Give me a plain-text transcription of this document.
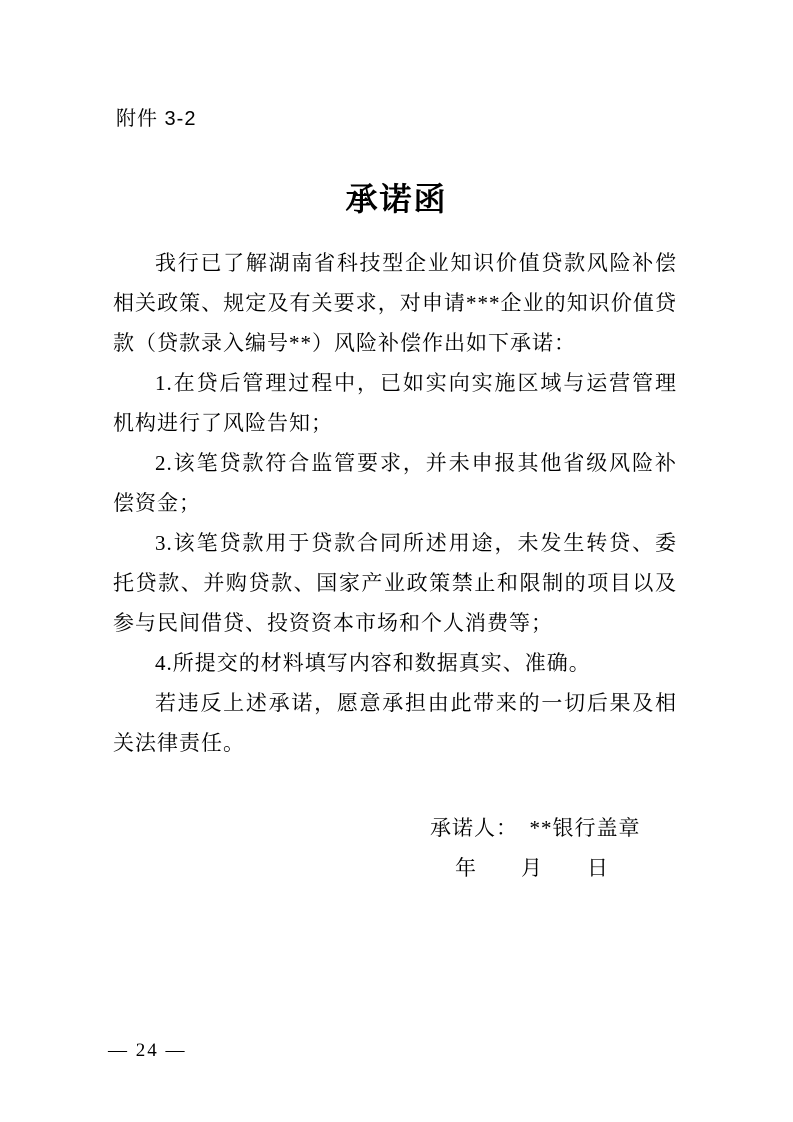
附件 3-2
承诺函

我行已了解湖南省科技型企业知识价值贷款风险补偿相关政策、规定及有关要求，对申请***企业的知识价值贷款（贷款录入编号**）风险补偿作出如下承诺：

1.在贷后管理过程中，已如实向实施区域与运营管理机构进行了风险告知；

2.该笔贷款符合监管要求，并未申报其他省级风险补偿资金；

3.该笔贷款用于贷款合同所述用途，未发生转贷、委托贷款、并购贷款、国家产业政策禁止和限制的项目以及参与民间借贷、投资资本市场和个人消费等；

4.所提交的材料填写内容和数据真实、准确。

若违反上述承诺，愿意承担由此带来的一切后果及相关法律责任。

承诺人：　**银行盖章
年　　月　　日
— 24 —
